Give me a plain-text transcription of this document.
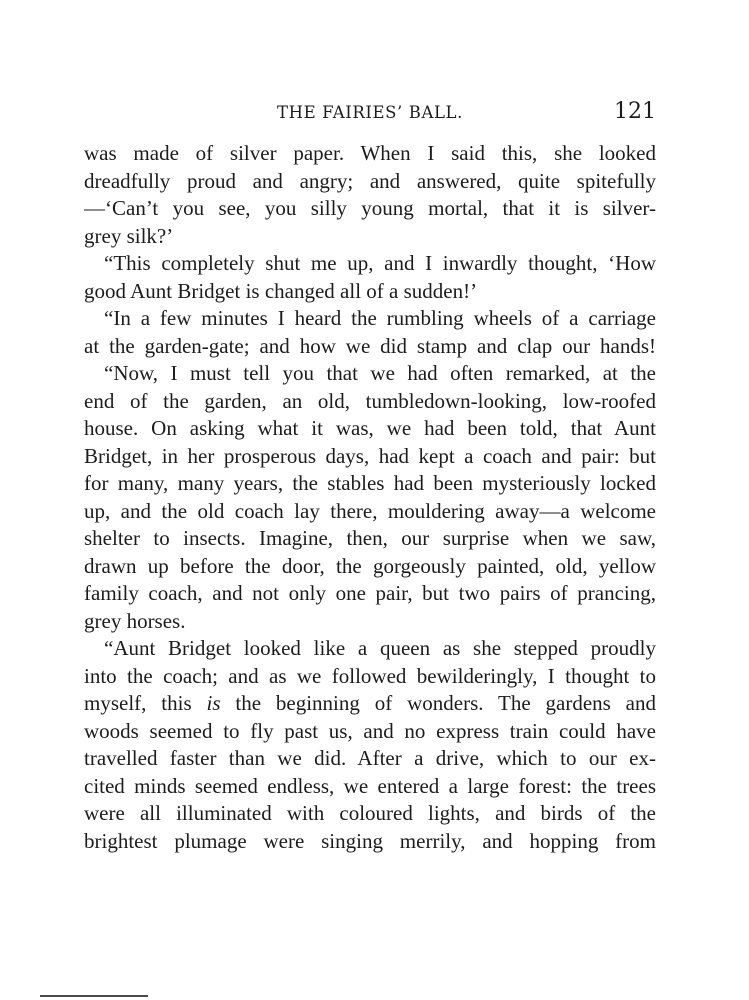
THE FAIRIES’ BALL.	121
was made of silver paper. When I said this, she looked
dreadfully proud and angry; and answered, quite spitefully
—‘Can’t you see, you silly young mortal, that it is silver-
grey silk?’
“This completely shut me up, and I inwardly thought, ‘How
good Aunt Bridget is changed all of a sudden!’
“In a few minutes I heard the rumbling wheels of a carriage
at the garden-gate; and how we did stamp and clap our hands!
“Now, I must tell you that we had often remarked, at the
end of the garden, an old, tumbledown-looking, low-roofed
house. On asking what it was, we had been told, that Aunt
Bridget, in her prosperous days, had kept a coach and pair: but
for many, many years, the stables had been mysteriously locked
up, and the old coach lay there, mouldering away—a welcome
shelter to insects. Imagine, then, our surprise when we saw,
drawn up before the door, the gorgeously painted, old, yellow
family coach, and not only one pair, but two pairs of prancing,
grey horses.
“Aunt Bridget looked like a queen as she stepped proudly
into the coach; and as we followed bewilderingly, I thought to
myself, this is the beginning of wonders. The gardens and
woods seemed to fly past us, and no express train could have
travelled faster than we did. After a drive, which to our ex-
cited minds seemed endless, we entered a large forest: the trees
were all illuminated with coloured lights, and birds of the
brightest plumage were singing merrily, and hopping from
